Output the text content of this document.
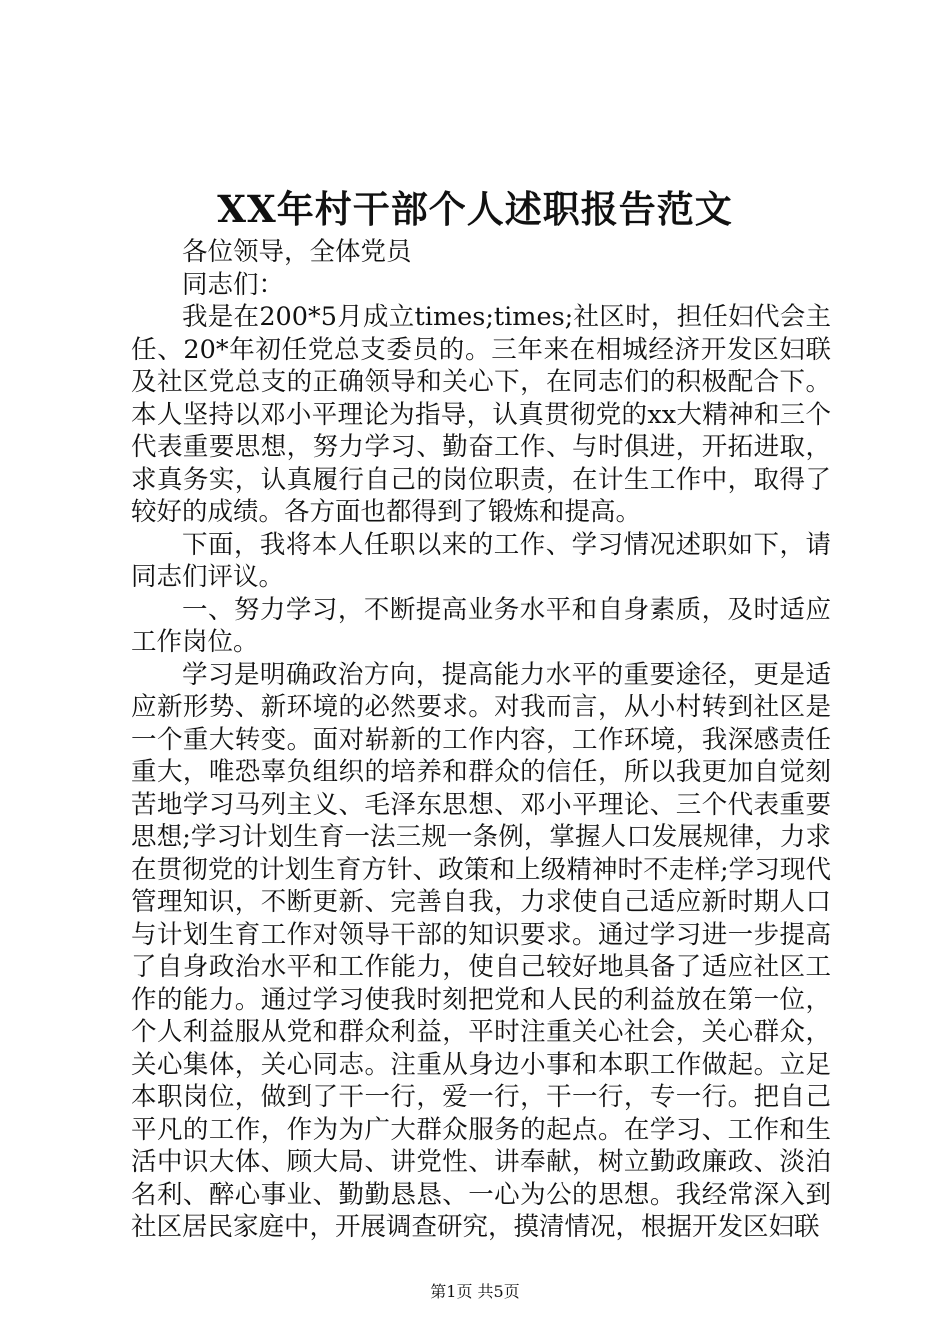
XX年村干部个人述职报告范文

各位领导，全体党员

同志们：

我是在200*5月成立times;times;社区时，担任妇代会主任、20*年初任党总支委员的。三年来在相城经济开发区妇联及社区党总支的正确领导和关心下，在同志们的积极配合下。本人坚持以邓小平理论为指导，认真贯彻党的xx大精神和三个代表重要思想，努力学习、勤奋工作、与时俱进，开拓进取，求真务实，认真履行自己的岗位职责，在计生工作中，取得了较好的成绩。各方面也都得到了锻炼和提高。

下面，我将本人任职以来的工作、学习情况述职如下，请同志们评议。

一、努力学习，不断提高业务水平和自身素质，及时适应工作岗位。

学习是明确政治方向，提高能力水平的重要途径，更是适应新形势、新环境的必然要求。对我而言，从小村转到社区是一个重大转变。面对崭新的工作内容，工作环境，我深感责任重大，唯恐辜负组织的培养和群众的信任，所以我更加自觉刻苦地学习马列主义、毛泽东思想、邓小平理论、三个代表重要思想;学习计划生育一法三规一条例，掌握人口发展规律，力求在贯彻党的计划生育方针、政策和上级精神时不走样;学习现代管理知识，不断更新、完善自我，力求使自己适应新时期人口与计划生育工作对领导干部的知识要求。通过学习进一步提高了自身政治水平和工作能力，使自己较好地具备了适应社区工作的能力。通过学习使我时刻把党和人民的利益放在第一位，个人利益服从党和群众利益，平时注重关心社会，关心群众，关心集体，关心同志。注重从身边小事和本职工作做起。立足本职岗位，做到了干一行，爱一行，干一行，专一行。把自己平凡的工作，作为为广大群众服务的起点。在学习、工作和生活中识大体、顾大局、讲党性、讲奉献，树立勤政廉政、淡泊名利、醉心事业、勤勤恳恳、一心为公的思想。我经常深入到社区居民家庭中，开展调查研究，摸清情况，根据开发区妇联

第1页 共5页
